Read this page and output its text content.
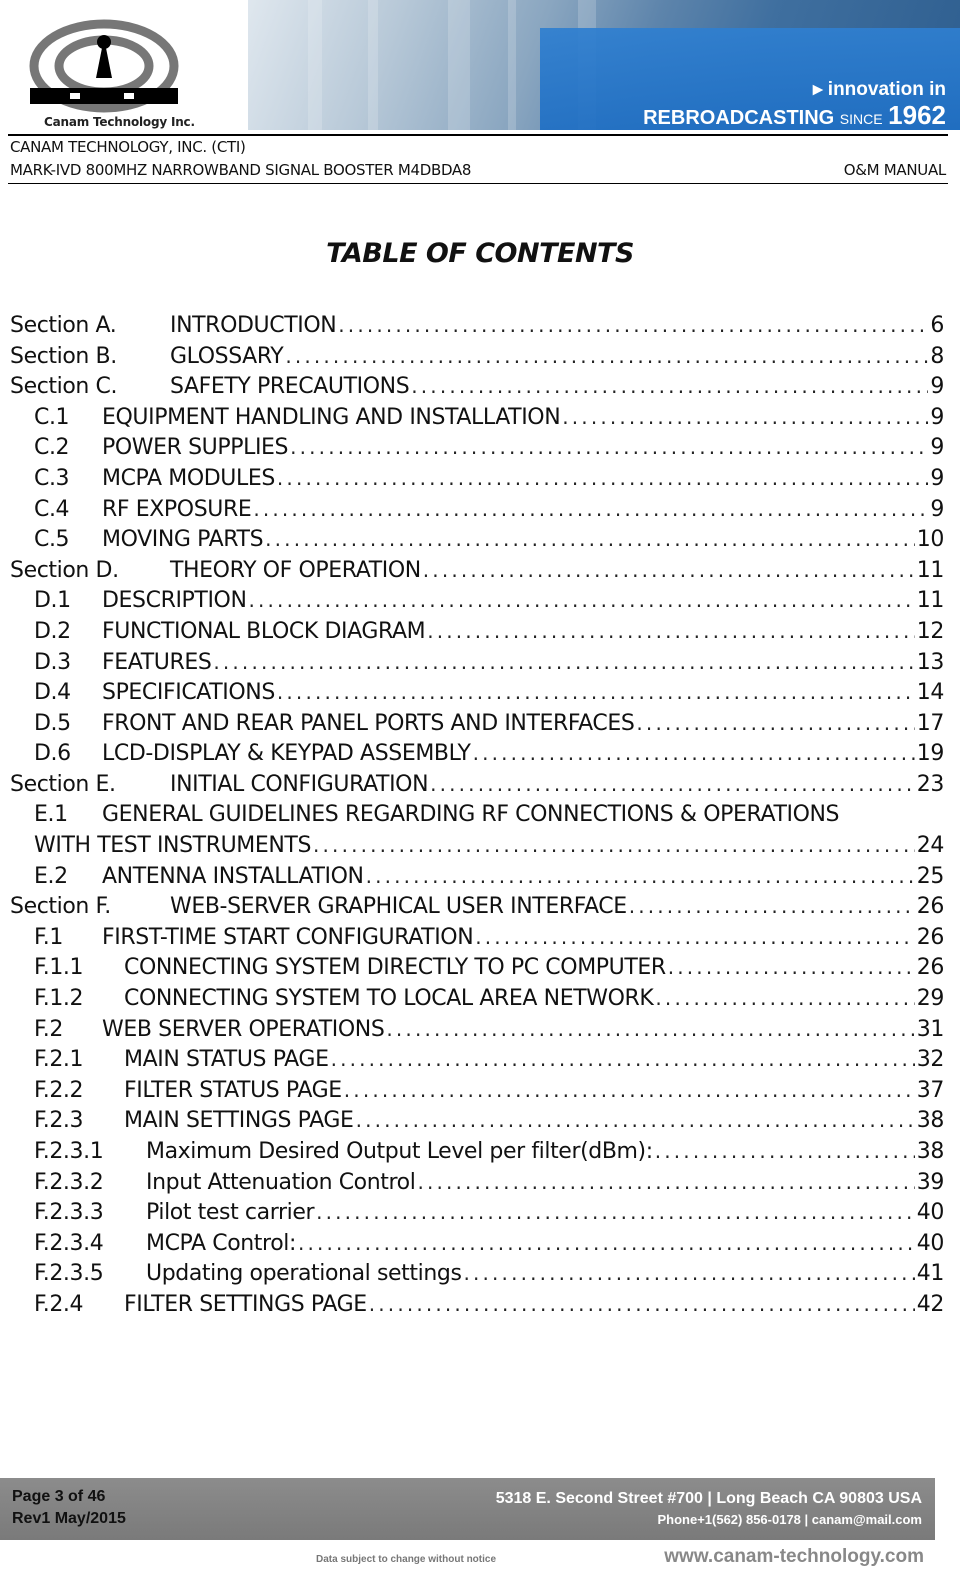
Canam Technology Inc.
▸ innovation in
REBROADCASTING SINCE 1962
CANAM TECHNOLOGY, INC. (CTI)
MARK-IVD 800MHZ NARROWBAND SIGNAL BOOSTER M4DBDA8	O&M MANUAL
TABLE OF CONTENTS
Section A.	INTRODUCTION . . .	6
Section B.	GLOSSARY . . .	8
Section C.	SAFETY PRECAUTIONS . . .	9
C.1	EQUIPMENT HANDLING AND INSTALLATION . . .	9
C.2	POWER SUPPLIES . . .	9
C.3	MCPA MODULES . . .	9
C.4	RF EXPOSURE . . .	9
C.5	MOVING PARTS . . .	10
Section D.	THEORY OF OPERATION . . .	11
D.1	DESCRIPTION . . .	11
D.2	FUNCTIONAL BLOCK DIAGRAM . . .	12
D.3	FEATURES . . .	13
D.4	SPECIFICATIONS . . .	14
D.5	FRONT AND REAR PANEL PORTS AND INTERFACES . . .	17
D.6	LCD-DISPLAY & KEYPAD ASSEMBLY . . .	19
Section E.	INITIAL CONFIGURATION . . .	23
E.1 GENERAL GUIDELINES REGARDING RF CONNECTIONS & OPERATIONS
WITH TEST INSTRUMENTS . . .	24
E.2	ANTENNA INSTALLATION . . .	25
Section F.	WEB-SERVER GRAPHICAL USER INTERFACE . . .	26
F.1	FIRST-TIME START CONFIGURATION . . .	26
F.1.1	CONNECTING SYSTEM DIRECTLY TO PC COMPUTER . . .	26
F.1.2	CONNECTING SYSTEM TO LOCAL AREA NETWORK . . .	29
F.2	WEB SERVER OPERATIONS . . .	31
F.2.1	MAIN STATUS PAGE . . .	32
F.2.2	FILTER STATUS PAGE . . .	37
F.2.3	MAIN SETTINGS PAGE . . .	38
F.2.3.1	Maximum Desired Output Level per filter(dBm): . . .	38
F.2.3.2	Input Attenuation Control . . .	39
F.2.3.3	Pilot test carrier . . .	40
F.2.3.4	MCPA Control: . . .	40
F.2.3.5	Updating operational settings . . .	41
F.2.4	FILTER SETTINGS PAGE . . .	42
Page 3 of 46
Rev1 May/2015
5318 E. Second Street #700 | Long Beach CA 90803 USA
Phone+1(562) 856-0178 | canam@mail.com
Data subject to change without notice	www.canam-technology.com
